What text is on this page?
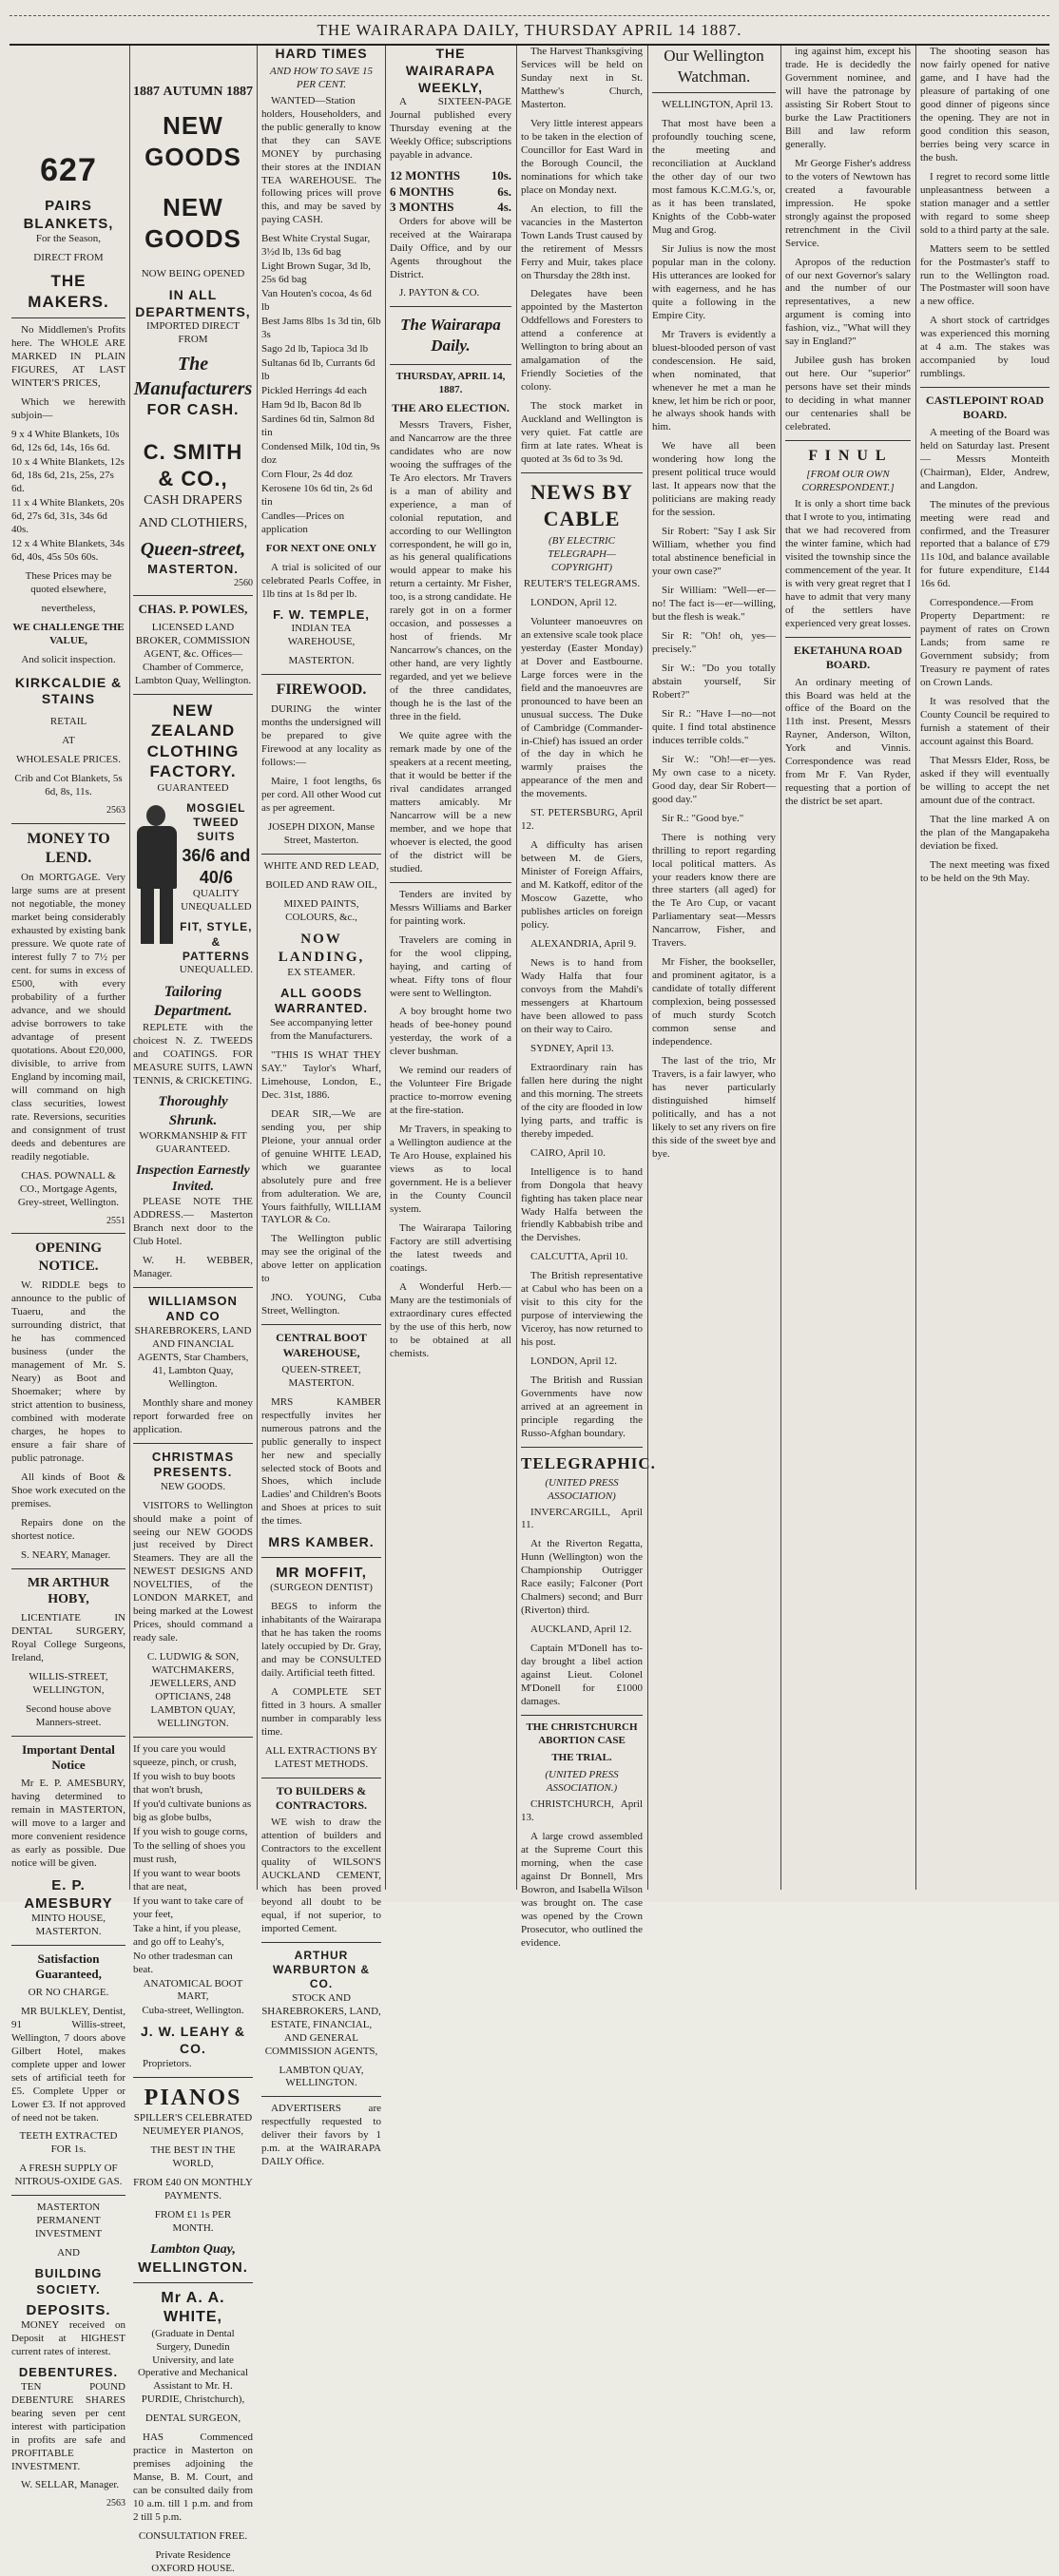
THE WAIRARAPA DAILY, THURSDAY APRIL 14 1887.
627
PAIRS BLANKETS,

For the Season,

DIRECT FROM

THE MAKERS.

No Middlemen's Profits here. The WHOLE ARE MARKED IN PLAIN FIGURES, AT LAST WINTER'S PRICES,

Which we herewith subjoin—

9 x 4 White Blankets, 10s 6d, 12s 6d, 14s, 16s 6d.
10 x 4 White Blankets, 12s 6d, 18s 6d, 21s, 25s, 27s 6d.
11 x 4 White Blankets, 20s 6d, 27s 6d, 31s, 34s 6d 40s.
12 x 4 White Blankets, 34s 6d, 40s, 45s 50s 60s.

These Prices may be quoted elsewhere,

nevertheless,

WE CHALLENGE THE VALUE,

And solicit inspection.

KIRKCALDIE & STAINS

RETAIL

AT

WHOLESALE PRICES.

Crib and Cot Blankets, 5s 6d, 8s, 11s.

2563
MONEY TO LEND.

On MORTGAGE. Very large sums are at present not negotiable, the money market being considerably exhausted by existing bank pressure. We quote rate of interest fully 7 to 7½ per cent. for sums in excess of £500, with every probability of a further advance, and we should advise borrowers to take advantage of present quotations. About £20,000, divisible, to arrive from England by incoming mail, will command on high class securities, lowest rate. Reversions, securities and consignment of trust deeds and debentures are readily negotiable.

CHAS. POWNALL & CO., Mortgage Agents, Grey-street, Wellington.

2551
OPENING NOTICE.

W. RIDDLE begs to announce to the public of Tuaeru, and the surrounding district, that he has commenced business (under the management of Mr. S. Neary) as Boot and Shoemaker; where by strict attention to business, combined with moderate charges, he hopes to ensure a fair share of public patronage.

All kinds of Boot & Shoe work executed on the premises.

Repairs done on the shortest notice.

S. NEARY, Manager.

MR ARTHUR HOBY,

LICENTIATE IN DENTAL SURGERY, Royal College Surgeons, Ireland,

WILLIS-STREET, WELLINGTON,

Second house above Manners-street.

Important Dental Notice

Mr E. P. AMESBURY, having determined to remain in MASTERTON, will move to a larger and more convenient residence as early as possible. Due notice will be given.

E. P. AMESBURY

MINTO HOUSE, MASTERTON.

Satisfaction Guaranteed,

OR NO CHARGE.

MR BULKLEY, Dentist, 91 Willis-street, Wellington, 7 doors above Gilbert Hotel, makes complete upper and lower sets of artificial teeth for £5. Complete Upper or Lower £3. If not approved of need not be taken.

TEETH EXTRACTED FOR 1s.

A FRESH SUPPLY OF NITROUS-OXIDE GAS.

MASTERTON PERMANENT INVESTMENT

AND

BUILDING SOCIETY.
DEPOSITS.

MONEY received on Deposit at HIGHEST current rates of interest.

DEBENTURES.

TEN POUND DEBENTURE SHARES bearing seven per cent interest with participation in profits are safe and PROFITABLE INVESTMENT.

W. SELLAR, Manager.

2563
1887 AUTUMN 1887
NEW GOODS
NEW GOODS

NOW BEING OPENED

IN ALL DEPARTMENTS,

IMPORTED DIRECT FROM

The Manufacturers
FOR CASH.
C. SMITH & CO.,

CASH DRAPERS

AND CLOTHIERS,

Queen-street,
MASTERTON.
2560
CHAS. P. POWLES,

LICENSED LAND BROKER, COMMISSION AGENT, &c. Offices—Chamber of Commerce, Lambton Quay, Wellington.

NEW ZEALAND CLOTHING FACTORY.

GUARANTEED

MOSGIEL TWEED SUITS
36/6 and 40/6

QUALITY UNEQUALLED

FIT, STYLE, & PATTERNS

UNEQUALLED.

Tailoring Department.

REPLETE with the choicest N. Z. TWEEDS and COATINGS. FOR MEASURE SUITS, LAWN TENNIS, & CRICKETING.

Thoroughly Shrunk.

WORKMANSHIP & FIT GUARANTEED.

Inspection Earnestly Invited.

PLEASE NOTE THE ADDRESS.— Masterton Branch next door to the Club Hotel.

W. H. WEBBER, Manager.

WILLIAMSON AND CO

SHAREBROKERS, LAND AND FINANCIAL AGENTS, Star Chambers, 41, Lambton Quay, Wellington.

Monthly share and money report forwarded free on application.

CHRISTMAS PRESENTS.

NEW GOODS.

VISITORS to Wellington should make a point of seeing our NEW GOODS just received by Direct Steamers. They are all the NEWEST DESIGNS AND NOVELTIES, of the LONDON MARKET, and being marked at the Lowest Prices, should command a ready sale.

C. LUDWIG & SON, WATCHMAKERS, JEWELLERS, AND OPTICIANS, 248 LAMBTON QUAY, WELLINGTON.

If you care you would squeeze, pinch, or crush,
If you wish to buy boots that won't brush,
If you'd cultivate bunions as big as globe bulbs,
If you wish to gouge corns,
To the selling of shoes you must rush,
If you want to wear boots that are neat,
If you want to take care of your feet,
Take a hint, if you please, and go off to Leahy's,
No other tradesman can beat.
ANATOMICAL BOOT MART,
Cuba-street, Wellington.
J. W. LEAHY & CO.

Proprietors.

PIANOS

SPILLER'S CELEBRATED NEUMEYER PIANOS,

THE BEST IN THE WORLD,

FROM £40 ON MONTHLY PAYMENTS.

FROM £1 1s PER MONTH.

Lambton Quay,
WELLINGTON.
Mr A. A. WHITE,

(Graduate in Dental Surgery, Dunedin University, and late Operative and Mechanical Assistant to Mr. H. PURDIE, Christchurch),

DENTAL SURGEON,

HAS Commenced practice in Masterton on premises adjoining the Manse, B. M. Court, and can be consulted daily from 10 a.m. till 1 p.m. and from 2 till 5 p.m.

CONSULTATION FREE.

Private Residence OXFORD HOUSE.

HARD TIMES
AND HOW TO SAVE 15 PER CENT.

WANTED—Station holders, Householders, and the public generally to know that they can SAVE MONEY by purchasing their stores at the INDIAN TEA WAREHOUSE. The following prices will prove this, and may be saved by paying CASH.

Best White Crystal Sugar, 3½d lb, 13s 6d bag
Light Brown Sugar, 3d lb, 25s 6d bag
Van Houten's cocoa, 4s 6d lb
Best Jams 8lbs 1s 3d tin, 6lb 3s
Sago 2d lb, Tapioca 3d lb
Sultanas 6d lb, Currants 6d lb
Pickled Herrings 4d each
Ham 9d lb, Bacon 8d lb
Sardines 6d tin, Salmon 8d tin
Condensed Milk, 10d tin, 9s doz
Corn Flour, 2s 4d doz
Kerosene 10s 6d tin, 2s 6d tin
Candles—Prices on application

FOR NEXT ONE ONLY

A trial is solicited of our celebrated Pearls Coffee, in 1lb tins at 1s 8d per lb.

F. W. TEMPLE,

INDIAN TEA WAREHOUSE,

MASTERTON.

FIREWOOD.

DURING the winter months the undersigned will be prepared to give Firewood at any locality as follows:—

Maire, 1 foot lengths, 6s per cord. All other Wood cut as per agreement.

JOSEPH DIXON, Manse Street, Masterton.

WHITE AND RED LEAD,

BOILED AND RAW OIL,

MIXED PAINTS, COLOURS, &c.,

NOW LANDING,

EX STEAMER.

ALL GOODS WARRANTED.

See accompanying letter from the Manufacturers.

"THIS IS WHAT THEY SAY." Taylor's Wharf, Limehouse, London, E., Dec. 31st, 1886.

DEAR SIR,—We are sending you, per ship Pleione, your annual order of genuine WHITE LEAD, which we guarantee absolutely pure and free from adulteration. We are, Yours faithfully, WILLIAM TAYLOR & Co.

The Wellington public may see the original of the above letter on application to

JNO. YOUNG, Cuba Street, Wellington.

CENTRAL BOOT WAREHOUSE,

QUEEN-STREET, MASTERTON.

MRS KAMBER respectfully invites her numerous patrons and the public generally to inspect her new and specially selected stock of Boots and Shoes, which include Ladies' and Children's Boots and Shoes at prices to suit the times.

MRS KAMBER.
MR MOFFIT,

(SURGEON DENTIST)

BEGS to inform the inhabitants of the Wairarapa that he has taken the rooms lately occupied by Dr. Gray, and may be CONSULTED daily. Artificial teeth fitted.

A COMPLETE SET fitted in 3 hours. A smaller number in comparably less time.

ALL EXTRACTIONS BY LATEST METHODS.

TO BUILDERS & CONTRACTORS.

WE wish to draw the attention of builders and Contractors to the excellent quality of WILSON'S AUCKLAND CEMENT, which has been proved beyond all doubt to be equal, if not superior, to imported Cement.

ARTHUR WARBURTON & CO.

STOCK AND SHAREBROKERS, LAND, ESTATE, FINANCIAL, AND GENERAL COMMISSION AGENTS,

LAMBTON QUAY, WELLINGTON.

ADVERTISERS are respectfully requested to deliver their favors by 1 p.m. at the WAIRARAPA DAILY Office.

THE WAIRARAPA WEEKLY,

A SIXTEEN-PAGE Journal published every Thursday evening at the Weekly Office; subscriptions payable in advance.

12 MONTHS	10s.
6 MONTHS	6s.
3 MONTHS	4s.

Orders for above will be received at the Wairarapa Daily Office, and by our Agents throughout the District.

J. PAYTON & CO.

The Wairarapa Daily.
THURSDAY, APRIL 14, 1887.
THE ARO ELECTION.

Messrs Travers, Fisher, and Nancarrow are the three candidates who are now wooing the suffrages of the Te Aro electors. Mr Travers is a man of ability and experience, a man of colonial reputation, and according to our Wellington correspondent, he will go in, as his general qualifications would appear to make his return a certainty. Mr Fisher, too, is a strong candidate. He rarely got in on a former occasion, and possesses a host of friends. Mr Nancarrow's chances, on the other hand, are very lightly regarded, and yet we believe of the three candidates, though he is the last of the three in the field.

We quite agree with the remark made by one of the speakers at a recent meeting, that it would be better if the rival candidates arranged matters amicably. Mr Nancarrow will be a new member, and we hope that whoever is elected, the good of the district will be studied.

Tenders are invited by Messrs Williams and Barker for painting work.

Travelers are coming in for the wool clipping, haying, and carting of wheat. Fifty tons of flour were sent to Wellington.

A boy brought home two heads of bee-honey pound yesterday, the work of a clever bushman.

We remind our readers of the Volunteer Fire Brigade practice to-morrow evening at the fire-station.

Mr Travers, in speaking to a Wellington audience at the Te Aro House, explained his views as to local government. He is a believer in the County Council system.

The Wairarapa Tailoring Factory are still advertising the latest tweeds and coatings.

A Wonderful Herb.—Many are the testimonials of extraordinary cures effected by the use of this herb, now to be obtained at all chemists.

The Harvest Thanksgiving Services will be held on Sunday next in St. Matthew's Church, Masterton.

Very little interest appears to be taken in the election of Councillor for East Ward in the Borough Council, the nominations for which take place on Monday next.

An election, to fill the vacancies in the Masterton Town Lands Trust caused by the retirement of Messrs Ferry and Muir, takes place on Thursday the 28th inst.

Delegates have been appointed by the Masterton Oddfellows and Foresters to attend a conference at Wellington to bring about an amalgamation of the Friendly Societies of the colony.

The stock market in Auckland and Wellington is very quiet. Fat cattle are firm at late rates. Wheat is quoted at 3s 6d to 3s 9d.

NEWS BY CABLE
(BY ELECTRIC TELEGRAPH—COPYRIGHT)

REUTER'S TELEGRAMS.

LONDON, April 12.

Volunteer manoeuvres on an extensive scale took place yesterday (Easter Monday) at Dover and Eastbourne. Large forces were in the field and the manoeuvres are pronounced to have been an unusual success. The Duke of Cambridge (Commander-in-Chief) has issued an order of the day in which he warmly praises the appearance of the men and the movements.

ST. PETERSBURG, April 12.

A difficulty has arisen between M. de Giers, Minister of Foreign Affairs, and M. Katkoff, editor of the Moscow Gazette, who publishes articles on foreign policy.

ALEXANDRIA, April 9.

News is to hand from Wady Halfa that four convoys from the Mahdi's messengers at Khartoum have been allowed to pass on their way to Cairo.

SYDNEY, April 13.

Extraordinary rain has fallen here during the night and this morning. The streets of the city are flooded in low lying parts, and traffic is thereby impeded.

CAIRO, April 10.

Intelligence is to hand from Dongola that heavy fighting has taken place near Wady Halfa between the friendly Kabbabish tribe and the Dervishes.

CALCUTTA, April 10.

The British representative at Cabul who has been on a visit to this city for the purpose of interviewing the Viceroy, has now returned to his post.

LONDON, April 12.

The British and Russian Governments have now arrived at an agreement in principle regarding the Russo-Afghan boundary.

TELEGRAPHIC.
(UNITED PRESS ASSOCIATION)

INVERCARGILL, April 11.

At the Riverton Regatta, Hunn (Wellington) won the Championship Outrigger Race easily; Falconer (Port Chalmers) second; and Burr (Riverton) third.

AUCKLAND, April 12.

Captain M'Donell has to-day brought a libel action against Lieut. Colonel M'Donell for £1000 damages.

THE CHRISTCHURCH ABORTION CASE
THE TRIAL.
(UNITED PRESS ASSOCIATION.)

CHRISTCHURCH, April 13.

A large crowd assembled at the Supreme Court this morning, when the case against Dr Bonnell, Mrs Bowron, and Isabella Wilson was brought on. The case was opened by the Crown Prosecutor, who outlined the evidence.

Our Wellington Watchman.

WELLINGTON, April 13.

That most have been a profoundly touching scene, the meeting and reconciliation at Auckland the other day of our two most famous K.C.M.G.'s, or, as it has been translated, Knights of the Cobb-water Mug and Grog.

Sir Julius is now the most popular man in the colony. His utterances are looked for with eagerness, and he has quite a following in the Empire City.

Mr Travers is evidently a bluest-blooded person of vast condescension. He said, when nominated, that whenever he met a man he knew, let him be rich or poor, he always shook hands with him.

We have all been wondering how long the present political truce would last. It appears now that the politicians are making ready for the session.

Sir Robert: "Say I ask Sir William, whether you find total abstinence beneficial in your own case?"

Sir William: "Well—er—no! The fact is—er—willing, but the flesh is weak."

Sir R: "Oh! oh, yes—precisely."

Sir W.: "Do you totally abstain yourself, Sir Robert?"

Sir R.: "Have I—no—not quite. I find total abstinence induces terrible colds."

Sir W.: "Oh!—er—yes. My own case to a nicety. Good day, dear Sir Robert—good day."

Sir R.: "Good bye."

There is nothing very thrilling to report regarding local political matters. As your readers know there are three starters (all aged) for the Te Aro Cup, or vacant Parliamentary seat—Messrs Nancarrow, Fisher, and Travers.

Mr Fisher, the bookseller, and prominent agitator, is a candidate of totally different complexion, being possessed of much sturdy Scotch common sense and independence.

The last of the trio, Mr Travers, is a fair lawyer, who has never particularly distinguished himself politically, and has a not likely to set any rivers on fire this side of the sweet bye and bye.

ing against him, except his trade. He is decidedly the Government nominee, and will have the patronage by assisting Sir Robert Stout to burke the Law Practitioners Bill and law reform generally.

Mr George Fisher's address to the voters of Newtown has created a favourable impression. He spoke strongly against the proposed retrenchment in the Civil Service.

Apropos of the reduction of our next Governor's salary and the number of our representatives, a new argument is coming into fashion, viz., "What will they say in England?"

Jubilee gush has broken out here. Our "superior" persons have set their minds to deciding in what manner our centenaries shall be celebrated.

F I N U L
[FROM OUR OWN CORRESPONDENT.]

It is only a short time back that I wrote to you, intimating that we had recovered from the winter famine, which had visited the township since the commencement of the year. It is with very great regret that I have to admit that very many of the settlers have experienced very great losses.

EKETAHUNA ROAD BOARD.

An ordinary meeting of this Board was held at the office of the Board on the 11th inst. Present, Messrs Rayner, Anderson, Wilton, York and Vinnis. Correspondence was read from Mr F. Van Ryder, requesting that a portion of the district be set apart.

The shooting season has now fairly opened for native game, and I have had the pleasure of partaking of one good dinner of pigeons since the opening. They are not in good condition this season, berries being very scarce in the bush.

I regret to record some little unpleasantness between a station manager and a settler with regard to some sheep sold to a third party at the sale.

Matters seem to be settled for the Postmaster's staff to run to the Wellington road. The Postmaster will soon have a new office.

A short stock of cartridges was experienced this morning at 4 a.m. The stakes was accompanied by loud rumblings.

CASTLEPOINT ROAD BOARD.

A meeting of the Board was held on Saturday last. Present — Messrs Monteith (Chairman), Elder, Andrew, and Langdon.

The minutes of the previous meeting were read and confirmed, and the Treasurer reported that a balance of £79 11s 10d, and balance available for future expenditure, £144 16s 6d.

Correspondence.—From Property Department: re payment of rates on Crown Lands; from same re Government subsidy; from Treasury re payment of rates on Crown Lands.

It was resolved that the County Council be required to furnish a statement of their account against this Board.

That Messrs Elder, Ross, be asked if they will eventually be willing to accept the net amount due of the contract.

That the line marked A on the plan of the Mangapakeha deviation be fixed.

The next meeting was fixed to be held on the 9th May.
